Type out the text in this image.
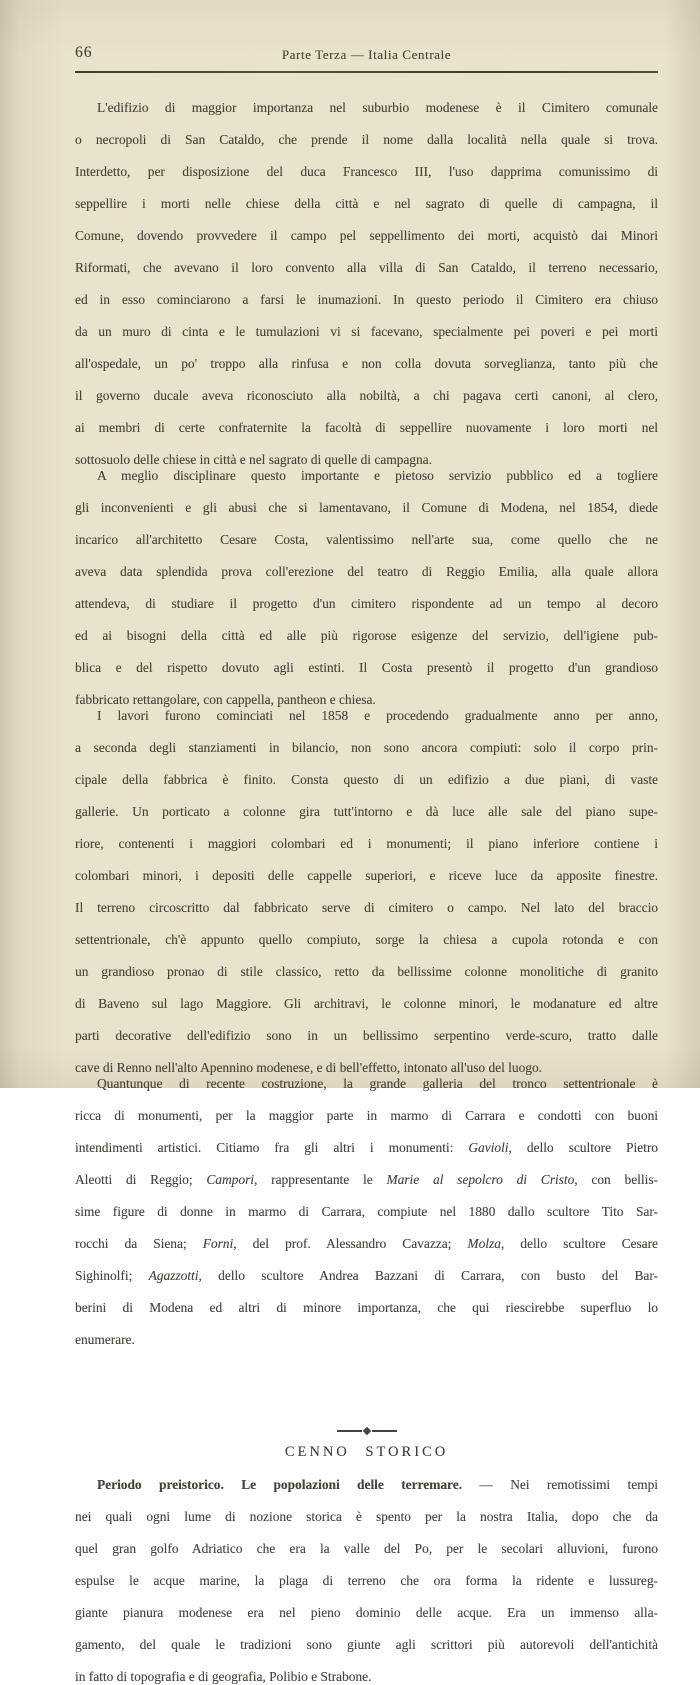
66	Parte Terza — Italia Centrale
L'edifizio di maggior importanza nel suburbio modenese è il Cimitero comunale
o necropoli di San Cataldo, che prende il nome dalla località nella quale si trova.
Interdetto, per disposizione del duca Francesco III, l'uso dapprima comunissimo di
seppellire i morti nelle chiese della città e nel sagrato di quelle di campagna, il
Comune, dovendo provvedere il campo pel seppellimento dei morti, acquistò dai Minori
Riformati, che avevano il loro convento alla villa di San Cataldo, il terreno necessario,
ed in esso cominciarono a farsi le inumazioni. In questo periodo il Cimitero era chiuso
da un muro di cinta e le tumulazioni vi si facevano, specialmente pei poveri e pei morti
all'ospedale, un po' troppo alla rinfusa e non colla dovuta sorveglianza, tanto più che
il governo ducale aveva riconosciuto alla nobiltà, a chi pagava certi canoni, al clero,
ai membri di certe confraternite la facoltà di seppellire nuovamente i loro morti nel
sottosuolo delle chiese in città e nel sagrato di quelle di campagna.
A meglio disciplinare questo importante e pietoso servizio pubblico ed a togliere
gli inconvenienti e gli abusi che si lamentavano, il Comune di Modena, nel 1854, diede
incarico all'architetto Cesare Costa, valentissimo nell'arte sua, come quello che ne
aveva data splendida prova coll'erezione del teatro di Reggio Emilia, alla quale allora
attendeva, di studiare il progetto d'un cimitero rispondente ad un tempo al decoro
ed ai bisogni della città ed alle più rigorose esigenze del servizio, dell'igiene pub-
blica e del rispetto dovuto agli estinti. Il Costa presentò il progetto d'un grandioso
fabbricato rettangolare, con cappella, pantheon e chiesa.
I lavori furono cominciati nel 1858 e procedendo gradualmente anno per anno,
a seconda degli stanziamenti in bilancio, non sono ancora compiuti: solo il corpo prin-
cipale della fabbrica è finito. Consta questo di un edifizio a due piani, di vaste
gallerie. Un porticato a colonne gira tutt'intorno e dà luce alle sale del piano supe-
riore, contenenti i maggiori colombari ed i monumenti; il piano inferiore contiene i
colombari minori, i depositi delle cappelle superiori, e riceve luce da apposite finestre.
Il terreno circoscritto dal fabbricato serve di cimitero o campo. Nel lato del braccio
settentrionale, ch'è appunto quello compiuto, sorge la chiesa a cupola rotonda e con
un grandioso pronao di stile classico, retto da bellissime colonne monolitiche di granito
di Baveno sul lago Maggiore. Gli architravi, le colonne minori, le modanature ed altre
parti decorative dell'edifizio sono in un bellissimo serpentino verde-scuro, tratto dalle
cave di Renno nell'alto Apennino modenese, e di bell'effetto, intonato all'uso del luogo.
Quantunque di recente costruzione, la grande galleria del tronco settentrionale è
ricca di monumenti, per la maggior parte in marmo di Carrara e condotti con buoni
intendimenti artistici. Citiamo fra gli altri i monumenti: Gavioli, dello scultore Pietro
Aleotti di Reggio; Campori, rappresentante le Marie al sepolcro di Cristo, con bellis-
sime figure di donne in marmo di Carrara, compiute nel 1880 dallo scultore Tito Sar-
rocchi da Siena; Forni, del prof. Alessandro Cavazza; Molza, dello scultore Cesare
Sighinolfi; Agazzotti, dello scultore Andrea Bazzani di Carrara, con busto del Bar-
berini di Modena ed altri di minore importanza, che qui riescirebbe superfluo lo
enumerare.
CENNO STORICO
Periodo preistorico. Le popolazioni delle terremare. — Nei remotissimi tempi
nei quali ogni lume di nozione storica è spento per la nostra Italia, dopo che da
quel gran golfo Adriatico che era la valle del Po, per le secolari alluvioni, furono
espulse le acque marine, la plaga di terreno che ora forma la ridente e lussureg-
giante pianura modenese era nel pieno dominio delle acque. Era un immenso alla-
gamento, del quale le tradizioni sono giunte agli scrittori più autorevoli dell'antichità
in fatto di topografia e di geografia, Polibio e Strabone.
